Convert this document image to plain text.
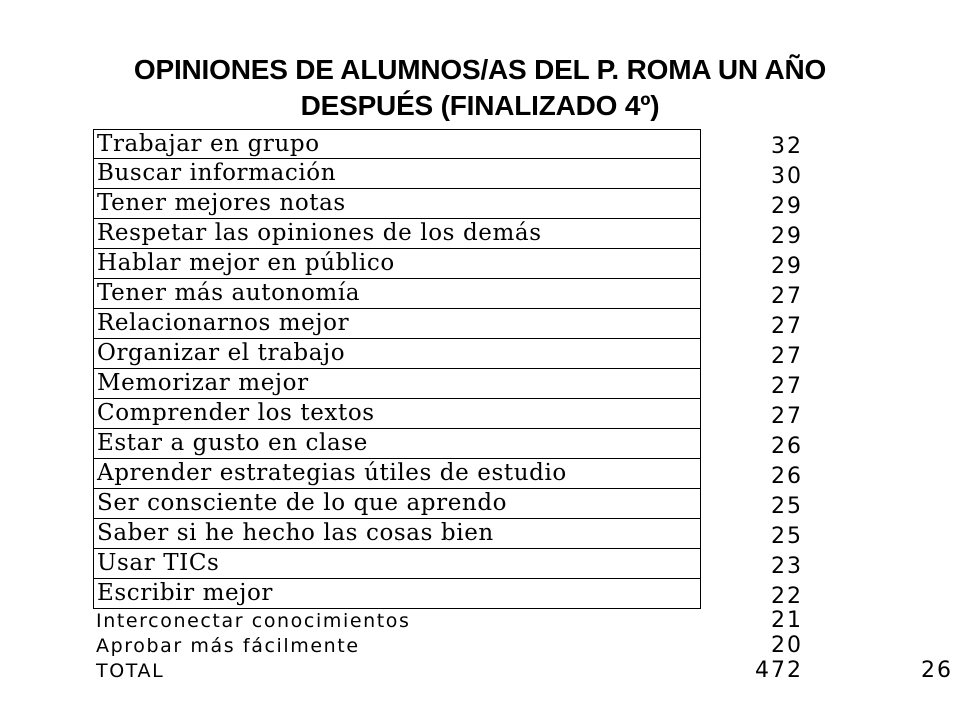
OPINIONES DE ALUMNOS/AS DEL P. ROMA UN AÑO
DESPUÉS (FINALIZADO 4º)
Trabajar en grupo	32
Buscar información	30
Tener mejores notas	29
Respetar las opiniones de los demás	29
Hablar mejor en público	29
Tener más autonomía	27
Relacionarnos mejor	27
Organizar el trabajo	27
Memorizar mejor	27
Comprender los textos	27
Estar a gusto en clase	26
Aprender estrategias útiles de estudio	26
Ser consciente de lo que aprendo	25
Saber si he hecho las cosas bien	25
Usar TICs	23
Escribir mejor	22
Interconectar conocimientos	21
Aprobar más fácilmente	20
TOTAL	472	26
